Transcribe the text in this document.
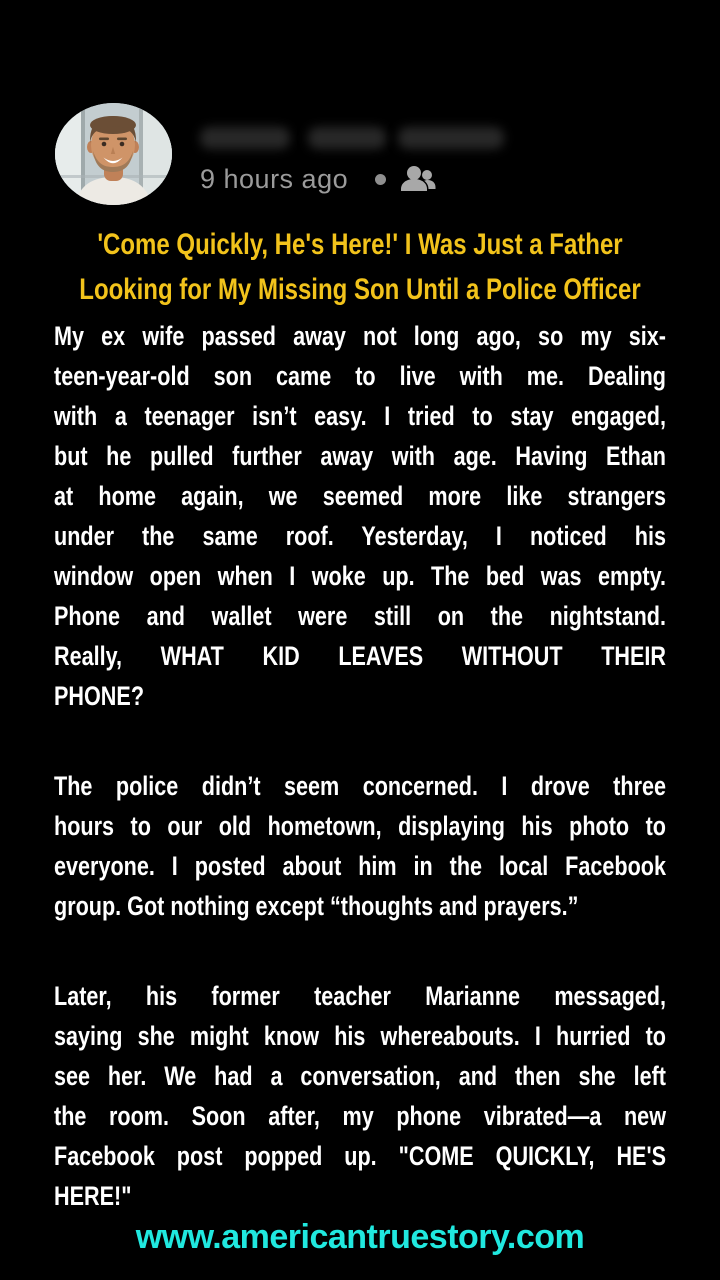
9 hours ago
'Come Quickly, He's Here!' I Was Just a Father
Looking for My Missing Son Until a Police Officer
My ex wife passed away not long ago, so my six-
teen-year-old son came to live with me. Dealing
with a teenager isn’t easy. I tried to stay engaged,
but he pulled further away with age. Having Ethan
at home again, we seemed more like strangers
under the same roof. Yesterday, I noticed his
window open when I woke up. The bed was empty.
Phone and wallet were still on the nightstand.
Really, WHAT KID LEAVES WITHOUT THEIR
PHONE?
The police didn’t seem concerned. I drove three
hours to our old hometown, displaying his photo to
everyone. I posted about him in the local Facebook
group. Got nothing except “thoughts and prayers.”
Later, his former teacher Marianne messaged,
saying she might know his whereabouts. I hurried to
see her. We had a conversation, and then she left
the room. Soon after, my phone vibrated—a new
Facebook post popped up. "COME QUICKLY, HE'S
HERE!"
www.americantruestory.com
